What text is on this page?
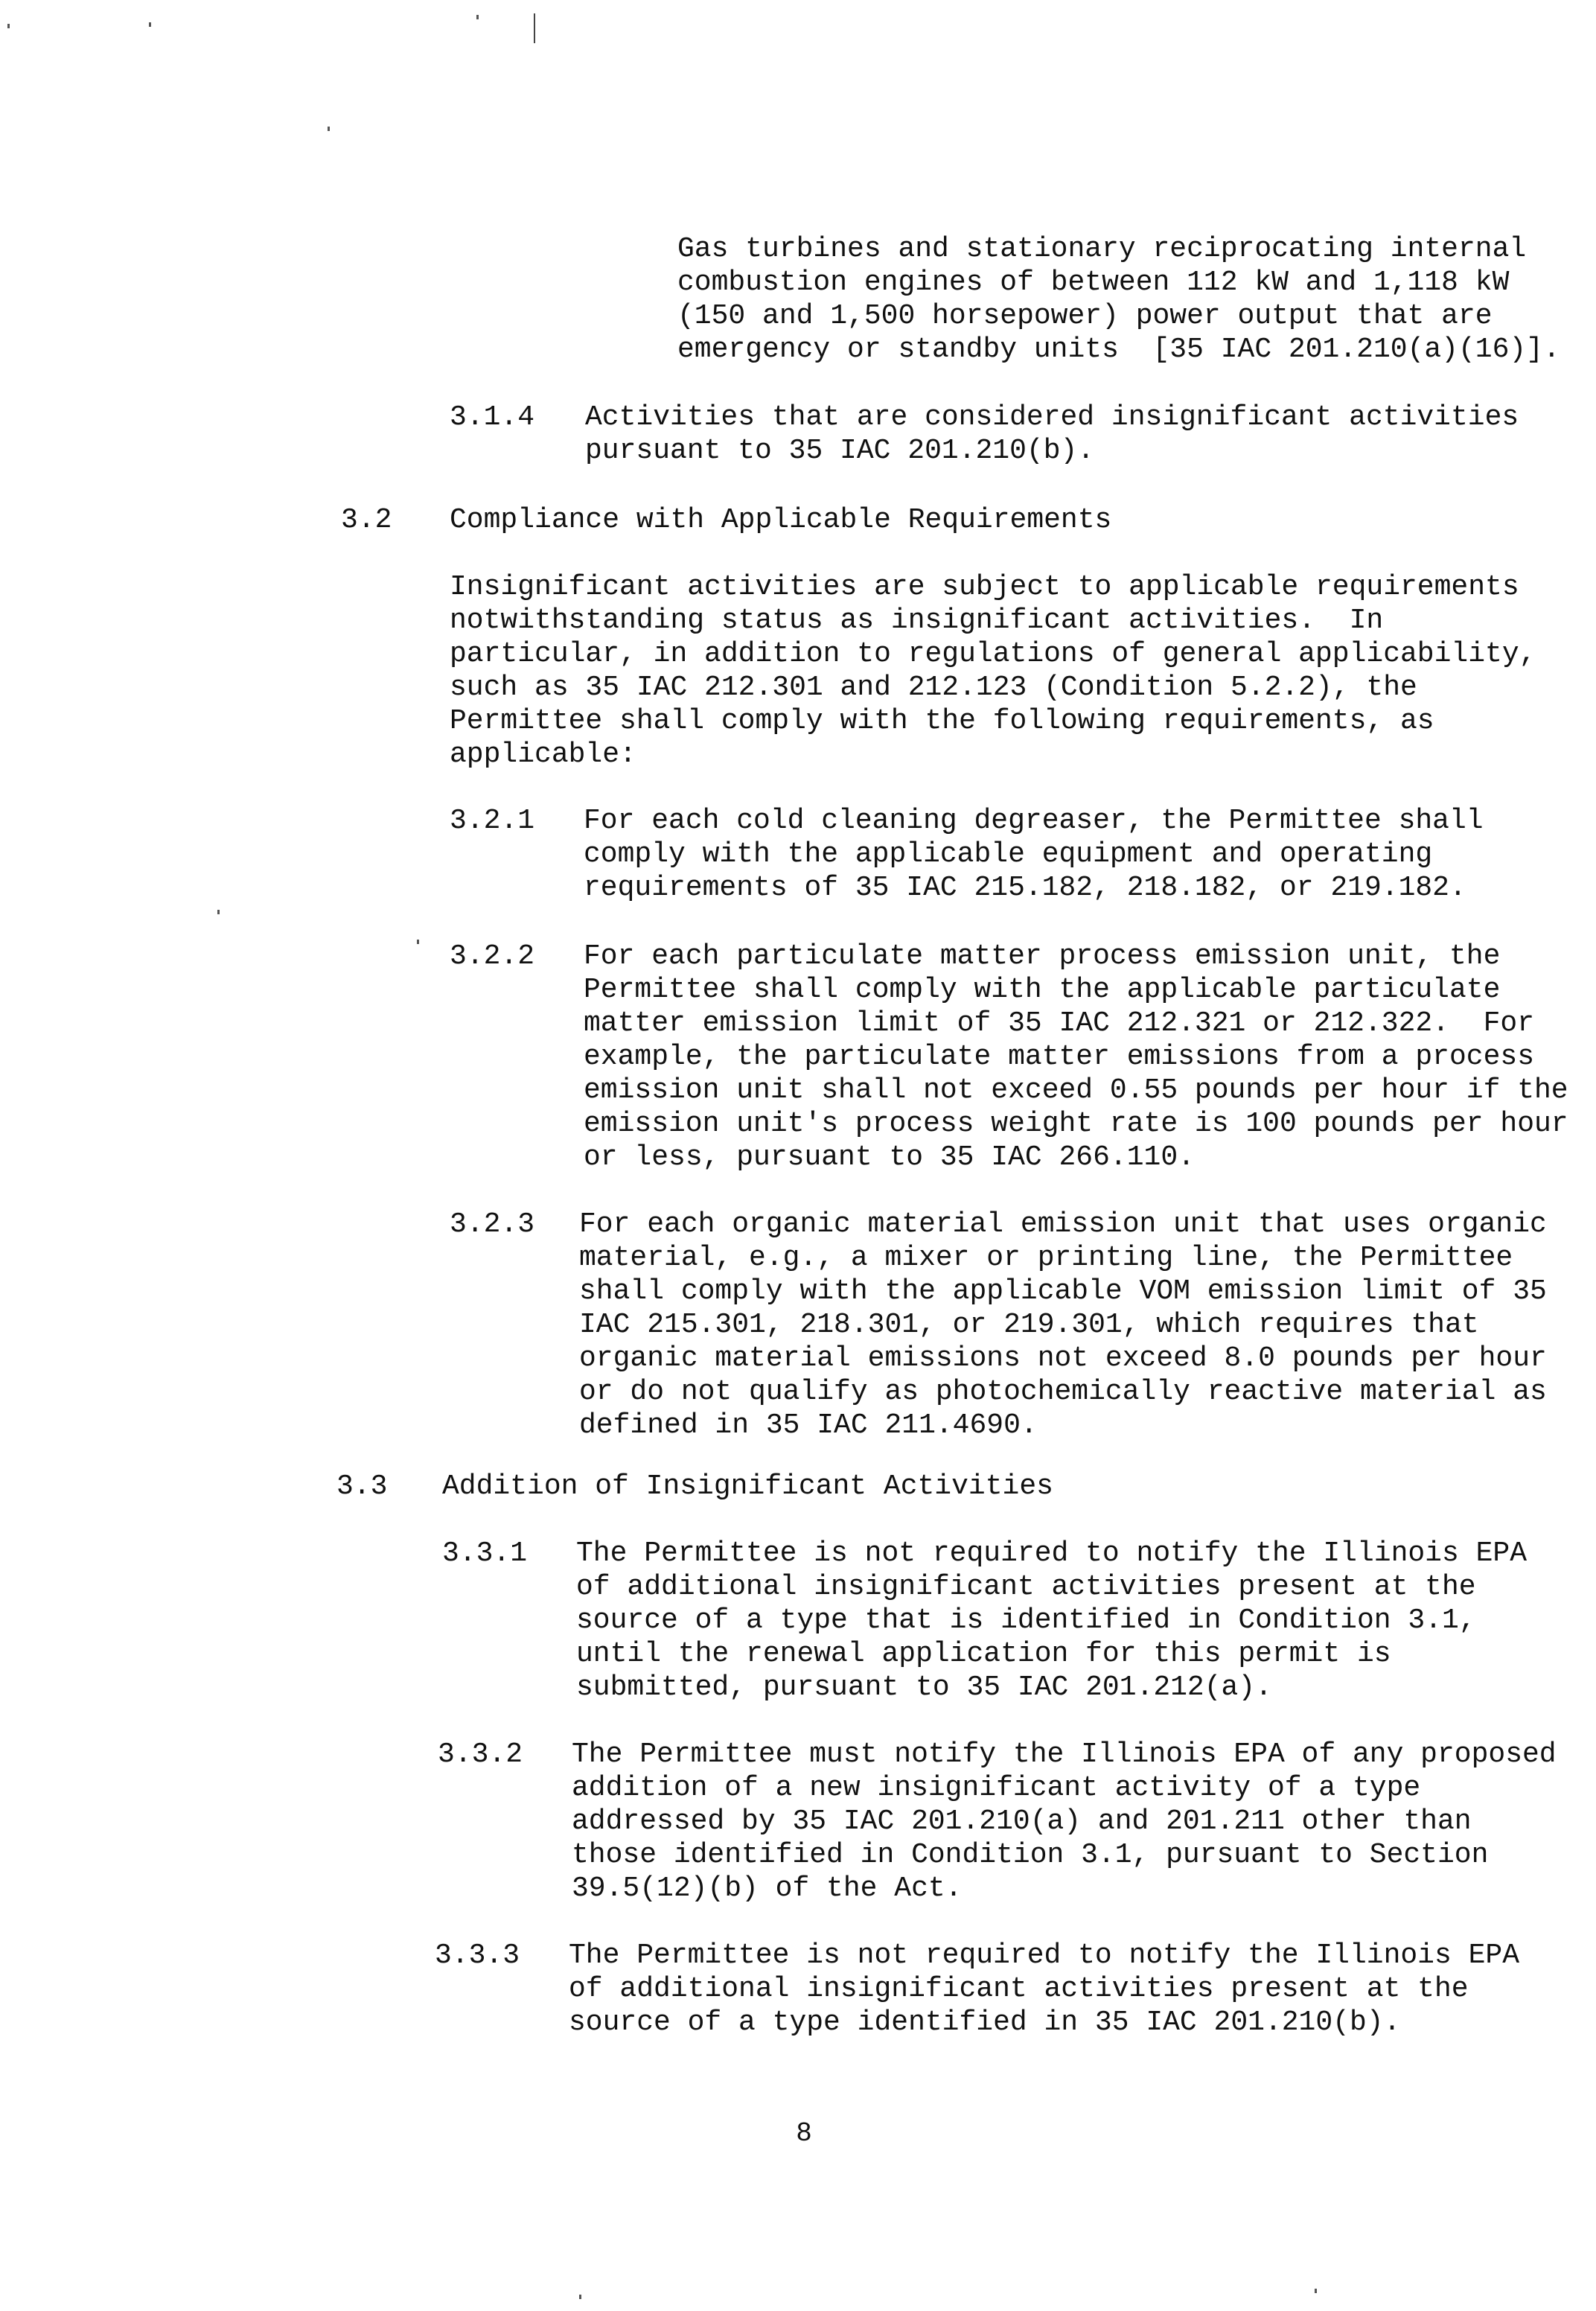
Gas turbines and stationary reciprocating internal
combustion engines of between 112 kW and 1,118 kW
(150 and 1,500 horsepower) power output that are
emergency or standby units  [35 IAC 201.210(a)(16)].

3.1.4 Activities that are considered insignificant activities
pursuant to 35 IAC 201.210(b).

3.2 Compliance with Applicable Requirements

Insignificant activities are subject to applicable requirements
notwithstanding status as insignificant activities.  In
particular, in addition to regulations of general applicability,
such as 35 IAC 212.301 and 212.123 (Condition 5.2.2), the
Permittee shall comply with the following requirements, as
applicable:

3.2.1 For each cold cleaning degreaser, the Permittee shall
comply with the applicable equipment and operating
requirements of 35 IAC 215.182, 218.182, or 219.182.

3.2.2 For each particulate matter process emission unit, the
Permittee shall comply with the applicable particulate
matter emission limit of 35 IAC 212.321 or 212.322.  For
example, the particulate matter emissions from a process
emission unit shall not exceed 0.55 pounds per hour if the
emission unit's process weight rate is 100 pounds per hour
or less, pursuant to 35 IAC 266.110.

3.2.3 For each organic material emission unit that uses organic
material, e.g., a mixer or printing line, the Permittee
shall comply with the applicable VOM emission limit of 35
IAC 215.301, 218.301, or 219.301, which requires that
organic material emissions not exceed 8.0 pounds per hour
or do not qualify as photochemically reactive material as
defined in 35 IAC 211.4690.

3.3 Addition of Insignificant Activities

3.3.1 The Permittee is not required to notify the Illinois EPA
of additional insignificant activities present at the
source of a type that is identified in Condition 3.1,
until the renewal application for this permit is
submitted, pursuant to 35 IAC 201.212(a).

3.3.2 The Permittee must notify the Illinois EPA of any proposed
addition of a new insignificant activity of a type
addressed by 35 IAC 201.210(a) and 201.211 other than
those identified in Condition 3.1, pursuant to Section
39.5(12)(b) of the Act.

3.3.3 The Permittee is not required to notify the Illinois EPA
of additional insignificant activities present at the
source of a type identified in 35 IAC 201.210(b).

8
